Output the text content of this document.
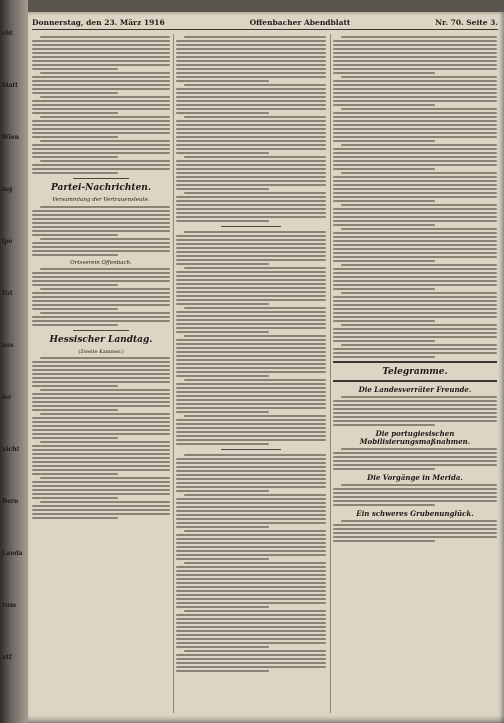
ebt
blatt
Wien
lag
lpe
Fat
aus
ler
nicht
Bern
Landa
zum
utf
Donnerstag, den 23. März 1916	Offenbacher Abendblatt	Nr. 70. Seite 3.
Partei-Nachrichten.
Versammlung der Vertrauensleute.
Ortsverein Offenbach.
Hessischer Landtag.
(Zweite Kammer.)
Telegramme.
Die Landesverräter Freunde.
Die portugiesischen Mobilisierungsmaßnahmen.
Die Vorgänge in Merida.
Ein schweres Grubenunglück.
